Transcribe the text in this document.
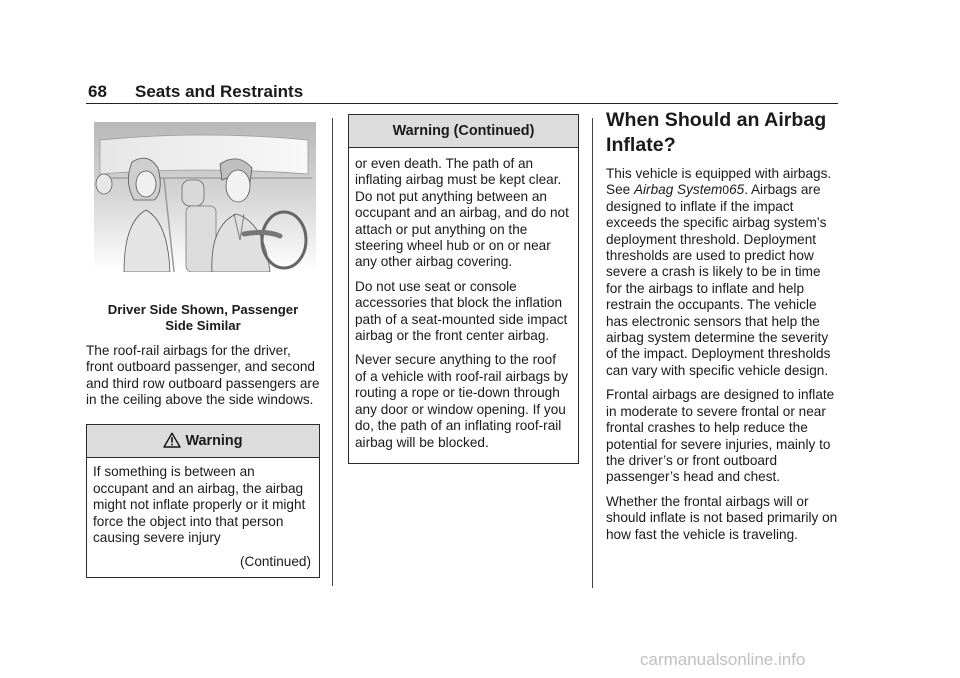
68 Seats and Restraints
Driver Side Shown, Passenger
Side Similar

The roof-rail airbags for the driver, front outboard passenger, and second and third row outboard passengers are in the ceiling above the side windows.

Warning

If something is between an occupant and an airbag, the airbag might not inflate properly or it might force the object into that person causing severe injury

(Continued)
Warning (Continued)

or even death. The path of an inflating airbag must be kept clear. Do not put anything between an occupant and an airbag, and do not attach or put anything on the steering wheel hub or on or near any other airbag covering.

Do not use seat or console accessories that block the inflation path of a seat-mounted side impact airbag or the front center airbag.

Never secure anything to the roof of a vehicle with roof-rail airbags by routing a rope or tie-down through any door or window opening. If you do, the path of an inflating roof-rail airbag will be blocked.

When Should an Airbag Inflate?

This vehicle is equipped with airbags. See Airbag System065. Airbags are designed to inflate if the impact exceeds the specific airbag system’s deployment threshold. Deployment thresholds are used to predict how severe a crash is likely to be in time for the airbags to inflate and help restrain the occupants. The vehicle has electronic sensors that help the airbag system determine the severity of the impact. Deployment thresholds can vary with specific vehicle design.

Frontal airbags are designed to inflate in moderate to severe frontal or near frontal crashes to help reduce the potential for severe injuries, mainly to the driver’s or front outboard passenger’s head and chest.

Whether the frontal airbags will or should inflate is not based primarily on how fast the vehicle is traveling.

carmanualsonline.info
